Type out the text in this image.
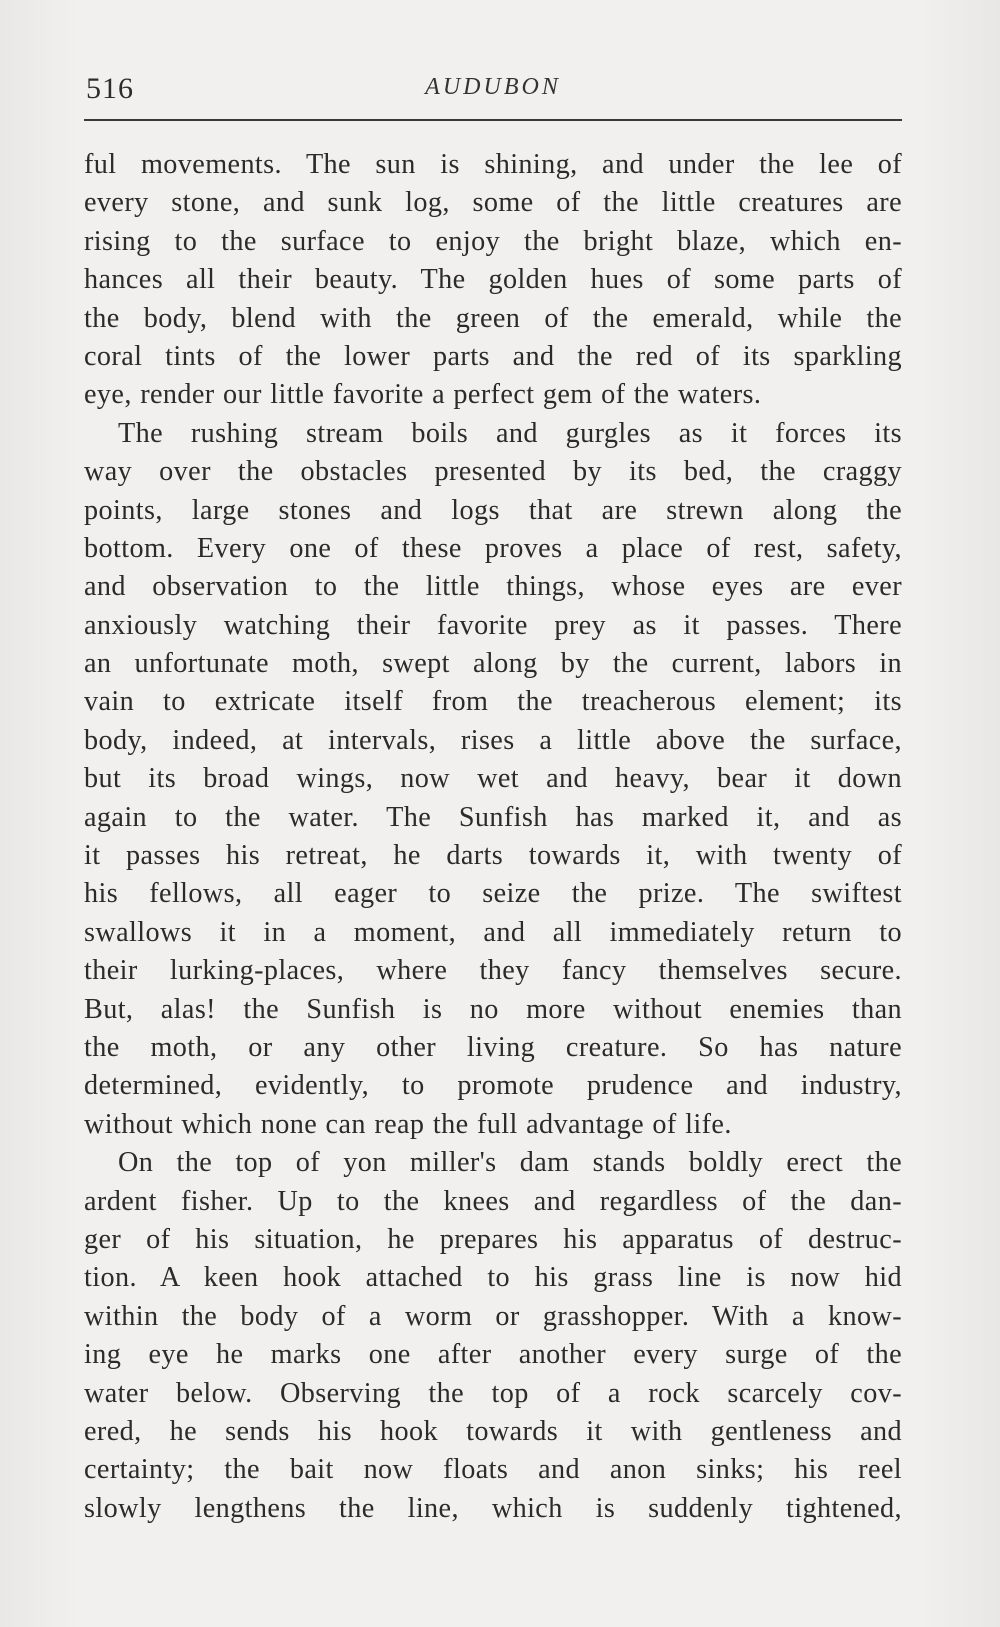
516	AUDUBON
ful movements. The sun is shining, and under the lee of
every stone, and sunk log, some of the little creatures are
rising to the surface to enjoy the bright blaze, which en-
hances all their beauty. The golden hues of some parts of
the body, blend with the green of the emerald, while the
coral tints of the lower parts and the red of its sparkling
eye, render our little favorite a perfect gem of the waters.
The rushing stream boils and gurgles as it forces its
way over the obstacles presented by its bed, the craggy
points, large stones and logs that are strewn along the
bottom. Every one of these proves a place of rest, safety,
and observation to the little things, whose eyes are ever
anxiously watching their favorite prey as it passes. There
an unfortunate moth, swept along by the current, labors in
vain to extricate itself from the treacherous element; its
body, indeed, at intervals, rises a little above the surface,
but its broad wings, now wet and heavy, bear it down
again to the water. The Sunfish has marked it, and as
it passes his retreat, he darts towards it, with twenty of
his fellows, all eager to seize the prize. The swiftest
swallows it in a moment, and all immediately return to
their lurking-places, where they fancy themselves secure.
But, alas! the Sunfish is no more without enemies than
the moth, or any other living creature. So has nature
determined, evidently, to promote prudence and industry,
without which none can reap the full advantage of life.
On the top of yon miller's dam stands boldly erect the
ardent fisher. Up to the knees and regardless of the dan-
ger of his situation, he prepares his apparatus of destruc-
tion. A keen hook attached to his grass line is now hid
within the body of a worm or grasshopper. With a know-
ing eye he marks one after another every surge of the
water below. Observing the top of a rock scarcely cov-
ered, he sends his hook towards it with gentleness and
certainty; the bait now floats and anon sinks; his reel
slowly lengthens the line, which is suddenly tightened,
